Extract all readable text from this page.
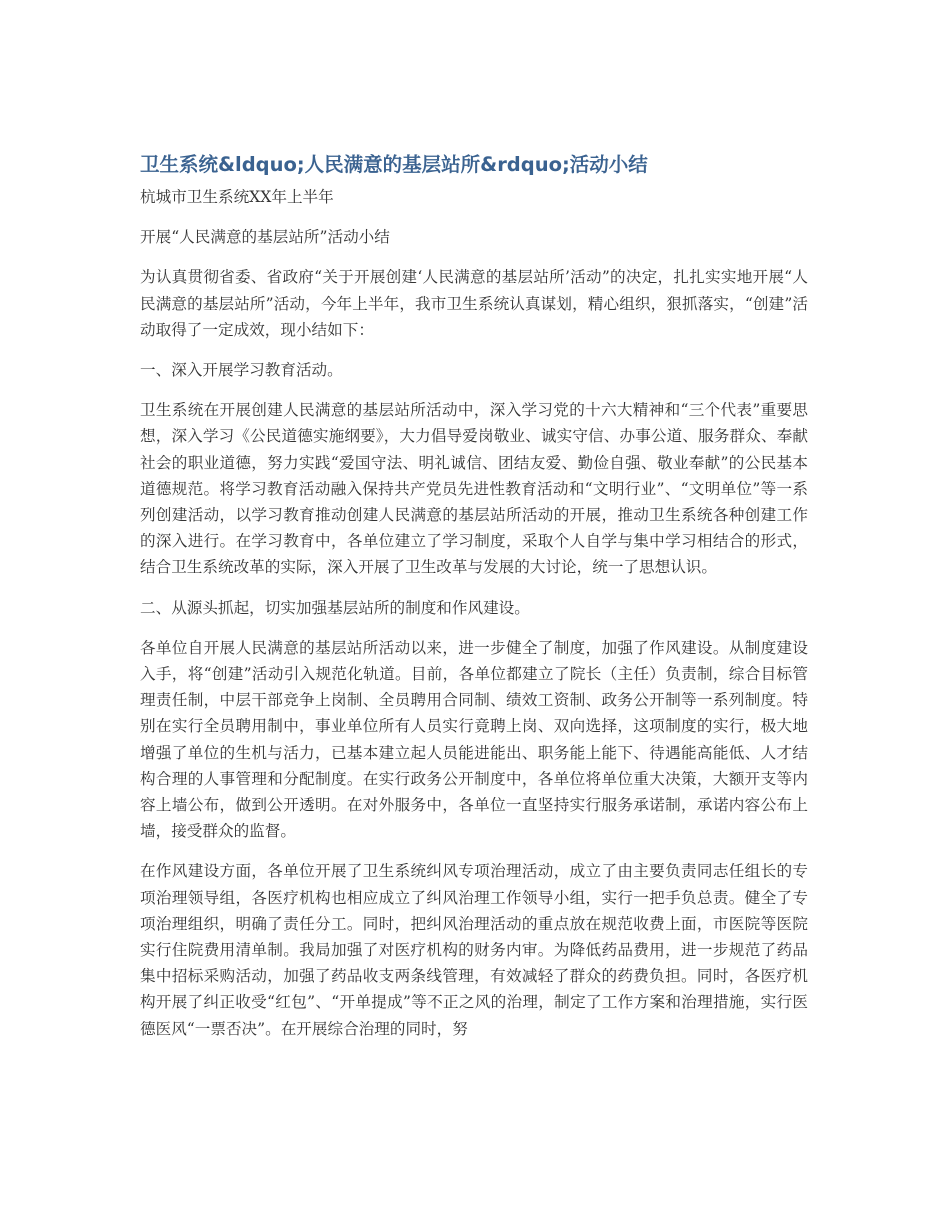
卫生系统&ldquo;人民满意的基层站所&rdquo;活动小结

杭城市卫生系统XX年上半年

开展“人民满意的基层站所”活动小结

为认真贯彻省委、省政府“关于开展创建‘人民满意的基层站所’活动”的决定，扎扎实实地开展“人民满意的基层站所”活动，今年上半年，我市卫生系统认真谋划，精心组织，狠抓落实，“创建”活动取得了一定成效，现小结如下：

一、深入开展学习教育活动。

卫生系统在开展创建人民满意的基层站所活动中，深入学习党的十六大精神和“三个代表”重要思想，深入学习《公民道德实施纲要》，大力倡导爱岗敬业、诚实守信、办事公道、服务群众、奉献社会的职业道德，努力实践“爱国守法、明礼诚信、团结友爱、勤俭自强、敬业奉献”的公民基本道德规范。将学习教育活动融入保持共产党员先进性教育活动和“文明行业”、“文明单位”等一系列创建活动，以学习教育推动创建人民满意的基层站所活动的开展，推动卫生系统各种创建工作的深入进行。在学习教育中，各单位建立了学习制度，采取个人自学与集中学习相结合的形式，结合卫生系统改革的实际，深入开展了卫生改革与发展的大讨论，统一了思想认识。

二、从源头抓起，切实加强基层站所的制度和作风建设。

各单位自开展人民满意的基层站所活动以来，进一步健全了制度，加强了作风建设。从制度建设入手，将“创建”活动引入规范化轨道。目前，各单位都建立了院长（主任）负责制，综合目标管理责任制，中层干部竞争上岗制、全员聘用合同制、绩效工资制、政务公开制等一系列制度。特别在实行全员聘用制中，事业单位所有人员实行竟聘上岗、双向选择，这项制度的实行，极大地增强了单位的生机与活力，已基本建立起人员能进能出、职务能上能下、待遇能高能低、人才结构合理的人事管理和分配制度。在实行政务公开制度中，各单位将单位重大决策，大额开支等内容上墙公布，做到公开透明。在对外服务中，各单位一直坚持实行服务承诺制，承诺内容公布上墙，接受群众的监督。

在作风建设方面，各单位开展了卫生系统纠风专项治理活动，成立了由主要负责同志任组长的专项治理领导组，各医疗机构也相应成立了纠风治理工作领导小组，实行一把手负总责。健全了专项治理组织，明确了责任分工。同时，把纠风治理活动的重点放在规范收费上面，市医院等医院实行住院费用清单制。我局加强了对医疗机构的财务内审。为降低药品费用，进一步规范了药品集中招标采购活动，加强了药品收支两条线管理，有效减轻了群众的药费负担。同时，各医疗机构开展了纠正收受“红包”、“开单提成”等不正之风的治理，制定了工作方案和治理措施，实行医德医风“一票否决”。在开展综合治理的同时，努
